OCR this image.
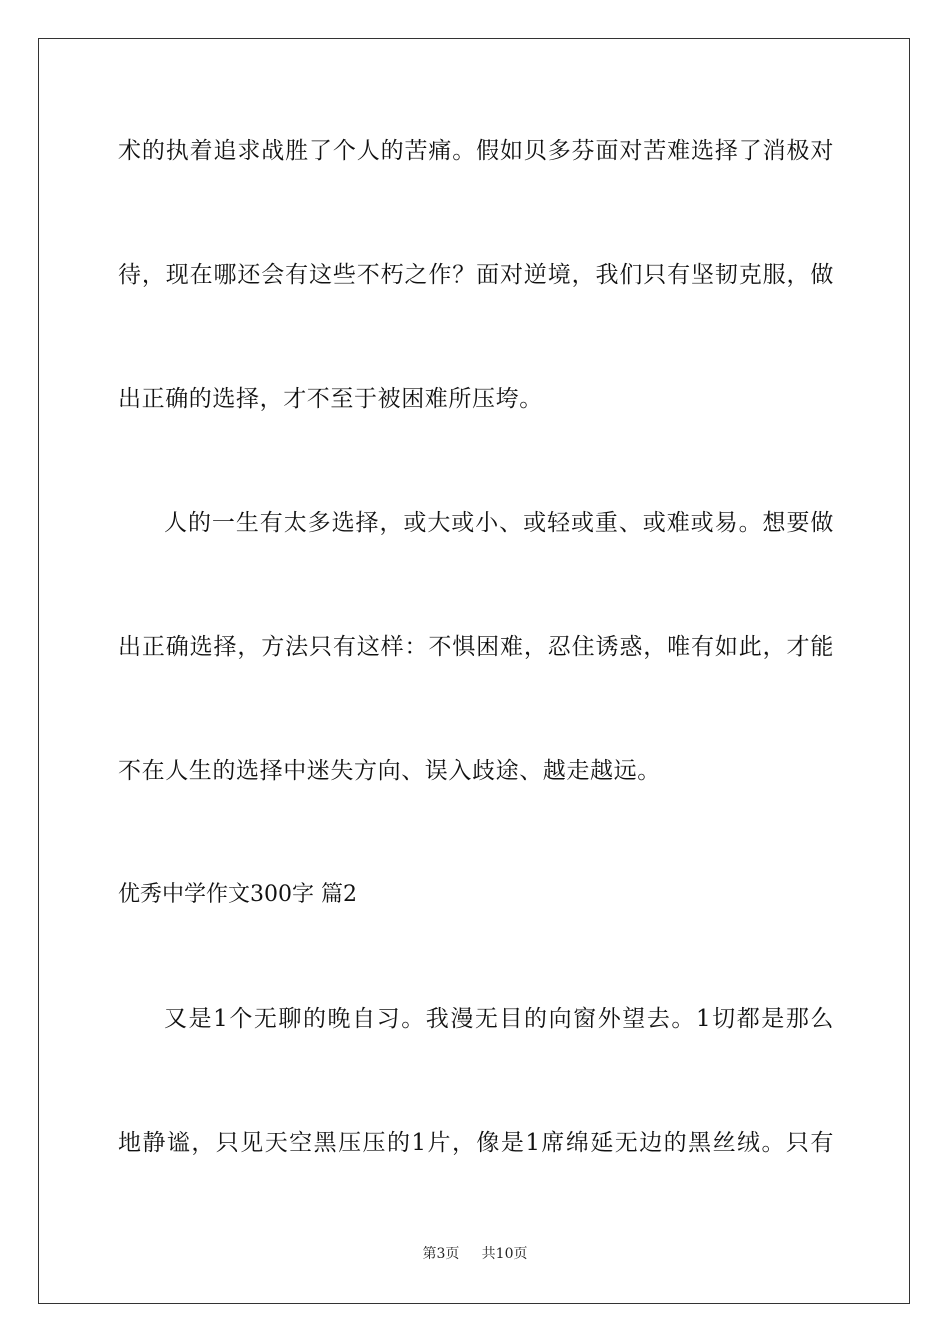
术的执着追求战胜了个人的苦痛。假如贝多芬面对苦难选择了消极对
待，现在哪还会有这些不朽之作？面对逆境，我们只有坚韧克服，做
出正确的选择，才不至于被困难所压垮。
人的一生有太多选择，或大或小、或轻或重、或难或易。想要做
出正确选择，方法只有这样：不惧困难，忍住诱惑，唯有如此，才能
不在人生的选择中迷失方向、误入歧途、越走越远。
优秀中学作文300字 篇2
又是1个无聊的晚自习。我漫无目的向窗外望去。1切都是那么
地静谧，只见天空黑压压的1片，像是1席绵延无边的黑丝绒。只有
第3页 共10页
